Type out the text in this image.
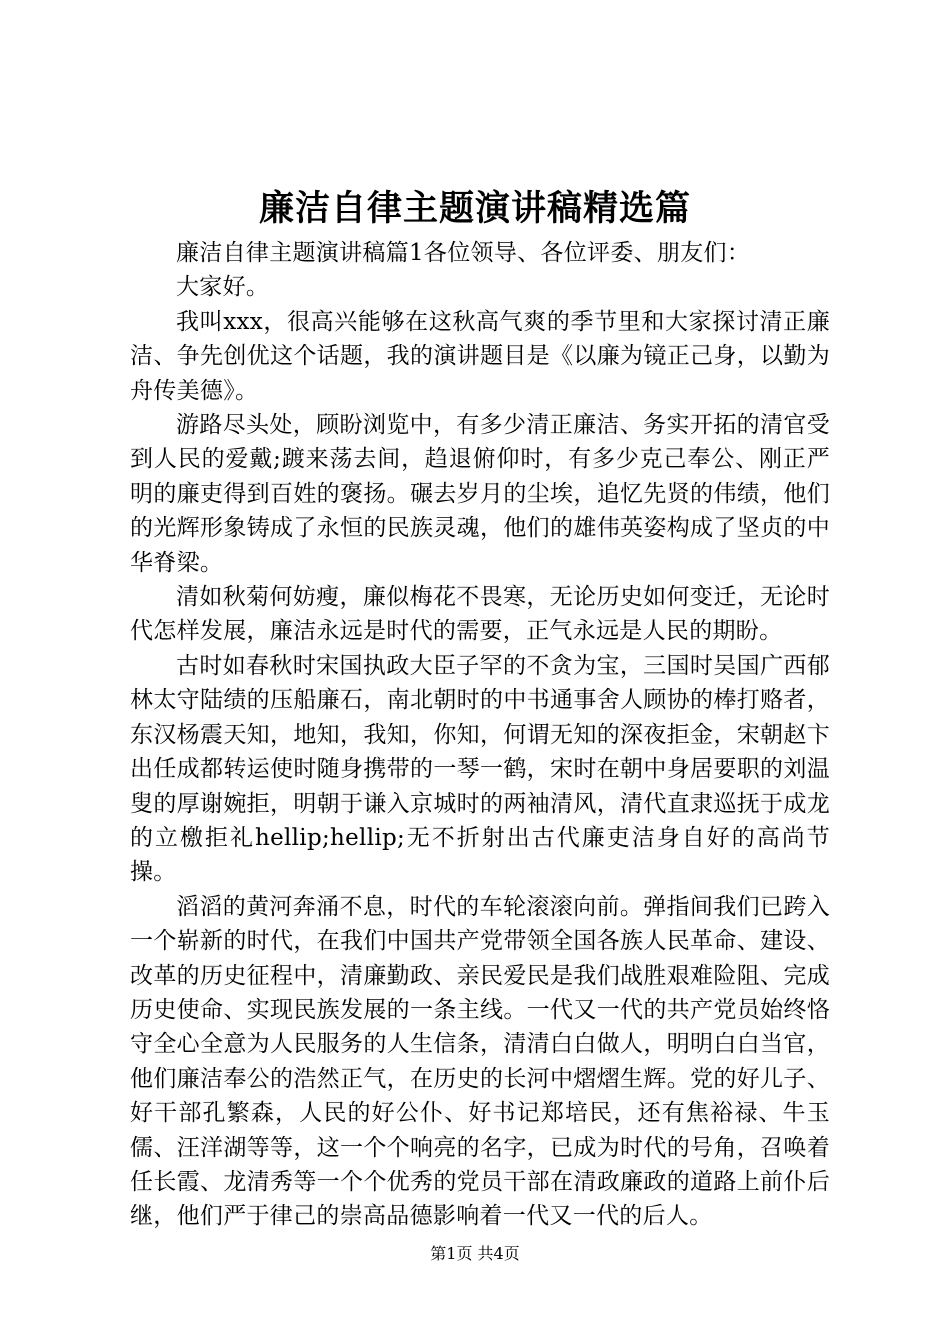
廉洁自律主题演讲稿精选篇

廉洁自律主题演讲稿篇1各位领导、各位评委、朋友们：

大家好。

我叫xxx，很高兴能够在这秋高气爽的季节里和大家探讨清正廉洁、争先创优这个话题，我的演讲题目是《以廉为镜正己身，以勤为舟传美德》。

游路尽头处，顾盼浏览中，有多少清正廉洁、务实开拓的清官受到人民的爱戴;踱来荡去间，趋退俯仰时，有多少克己奉公、刚正严明的廉吏得到百姓的褒扬。碾去岁月的尘埃，追忆先贤的伟绩，他们的光辉形象铸成了永恒的民族灵魂，他们的雄伟英姿构成了坚贞的中华脊梁。

清如秋菊何妨瘦，廉似梅花不畏寒，无论历史如何变迁，无论时代怎样发展，廉洁永远是时代的需要，正气永远是人民的期盼。

古时如春秋时宋国执政大臣子罕的不贪为宝，三国时吴国广西郁林太守陆绩的压船廉石，南北朝时的中书通事舍人顾协的棒打赂者，东汉杨震天知，地知，我知，你知，何谓无知的深夜拒金，宋朝赵卞出任成都转运使时随身携带的一琴一鹤，宋时在朝中身居要职的刘温叟的厚谢婉拒，明朝于谦入京城时的两袖清风，清代直隶巡抚于成龙的立檄拒礼hellip;hellip;无不折射出古代廉吏洁身自好的高尚节操。

滔滔的黄河奔涌不息，时代的车轮滚滚向前。弹指间我们已跨入一个崭新的时代，在我们中国共产党带领全国各族人民革命、建设、改革的历史征程中，清廉勤政、亲民爱民是我们战胜艰难险阻、完成历史使命、实现民族发展的一条主线。一代又一代的共产党员始终恪守全心全意为人民服务的人生信条，清清白白做人，明明白白当官，他们廉洁奉公的浩然正气，在历史的长河中熠熠生辉。党的好儿子、好干部孔繁森，人民的好公仆、好书记郑培民，还有焦裕禄、牛玉儒、汪洋湖等等，这一个个响亮的名字，已成为时代的号角，召唤着任长霞、龙清秀等一个个优秀的党员干部在清政廉政的道路上前仆后继，他们严于律己的崇高品德影响着一代又一代的后人。

第1页 共4页
